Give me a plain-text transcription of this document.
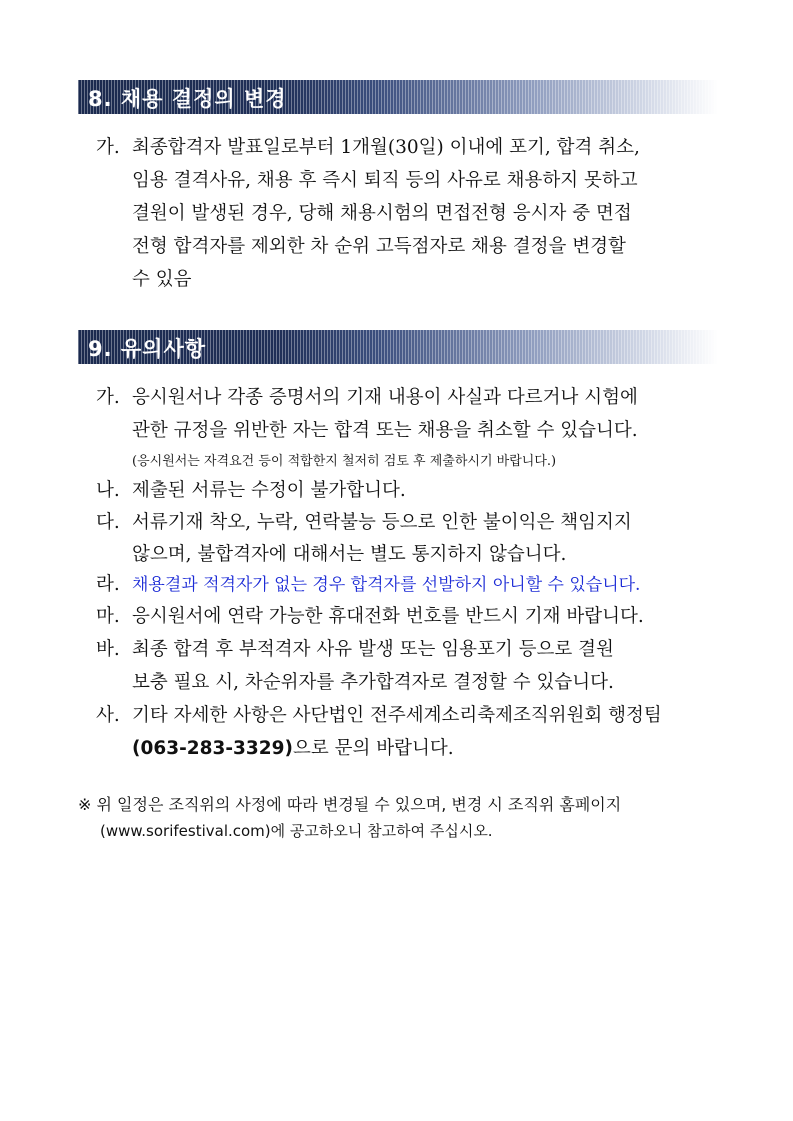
8. 채용 결정의 변경
가. 최종합격자 발표일로부터 1개월(30일) 이내에 포기, 합격 취소,
임용 결격사유, 채용 후 즉시 퇴직 등의 사유로 채용하지 못하고
결원이 발생된 경우, 당해 채용시험의 면접전형 응시자 중 면접
전형 합격자를 제외한 차 순위 고득점자로 채용 결정을 변경할
수 있음
9. 유의사항
가. 응시원서나 각종 증명서의 기재 내용이 사실과 다르거나 시험에
관한 규정을 위반한 자는 합격 또는 채용을 취소할 수 있습니다.
(응시원서는 자격요건 등이 적합한지 철저히 검토 후 제출하시기 바랍니다.)
나. 제출된 서류는 수정이 불가합니다.
다. 서류기재 착오, 누락, 연락불능 등으로 인한 불이익은 책임지지
않으며, 불합격자에 대해서는 별도 통지하지 않습니다.
라. 채용결과 적격자가 없는 경우 합격자를 선발하지 아니할 수 있습니다.
마. 응시원서에 연락 가능한 휴대전화 번호를 반드시 기재 바랍니다.
바. 최종 합격 후 부적격자 사유 발생 또는 임용포기 등으로 결원
보충 필요 시, 차순위자를 추가합격자로 결정할 수 있습니다.
사. 기타 자세한 사항은 사단법인 전주세계소리축제조직위원회 행정팀
(063-283-3329)으로 문의 바랍니다.
※ 위 일정은 조직위의 사정에 따라 변경될 수 있으며, 변경 시 조직위 홈페이지
(www.sorifestival.com)에 공고하오니 참고하여 주십시오.
